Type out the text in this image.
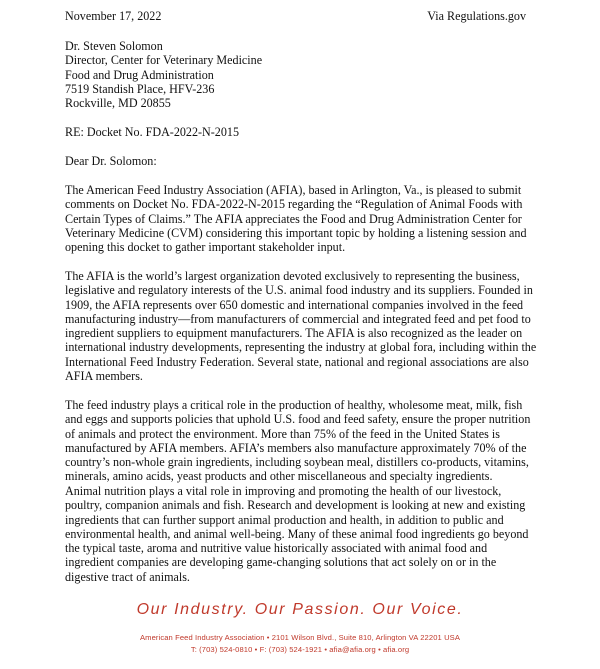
November 17, 2022	Via Regulations.gov
Dr. Steven Solomon
Director, Center for Veterinary Medicine
Food and Drug Administration
7519 Standish Place, HFV-236
Rockville, MD 20855
RE: Docket No. FDA-2022-N-2015
Dear Dr. Solomon:
The American Feed Industry Association (AFIA), based in Arlington, Va., is pleased to submit
comments on Docket No. FDA-2022-N-2015 regarding the “Regulation of Animal Foods with
Certain Types of Claims.” The AFIA appreciates the Food and Drug Administration Center for
Veterinary Medicine (CVM) considering this important topic by holding a listening session and
opening this docket to gather important stakeholder input.
The AFIA is the world’s largest organization devoted exclusively to representing the business,
legislative and regulatory interests of the U.S. animal food industry and its suppliers. Founded in
1909, the AFIA represents over 650 domestic and international companies involved in the feed
manufacturing industry—from manufacturers of commercial and integrated feed and pet food to
ingredient suppliers to equipment manufacturers. The AFIA is also recognized as the leader on
international industry developments, representing the industry at global fora, including within the
International Feed Industry Federation. Several state, national and regional associations are also
AFIA members.
The feed industry plays a critical role in the production of healthy, wholesome meat, milk, fish
and eggs and supports policies that uphold U.S. food and feed safety, ensure the proper nutrition
of animals and protect the environment. More than 75% of the feed in the United States is
manufactured by AFIA members. AFIA’s members also manufacture approximately 70% of the
country’s non-whole grain ingredients, including soybean meal, distillers co-products, vitamins,
minerals, amino acids, yeast products and other miscellaneous and specialty ingredients.
Animal nutrition plays a vital role in improving and promoting the health of our livestock,
poultry, companion animals and fish. Research and development is looking at new and existing
ingredients that can further support animal production and health, in addition to public and
environmental health, and animal well-being. Many of these animal food ingredients go beyond
the typical taste, aroma and nutritive value historically associated with animal food and
ingredient companies are developing game-changing solutions that act solely on or in the
digestive tract of animals.
Our Industry. Our Passion. Our Voice.
American Feed Industry Association • 2101 Wilson Blvd., Suite 810, Arlington VA 22201 USA
T: (703) 524-0810 • F: (703) 524-1921 • afia@afia.org • afia.org
